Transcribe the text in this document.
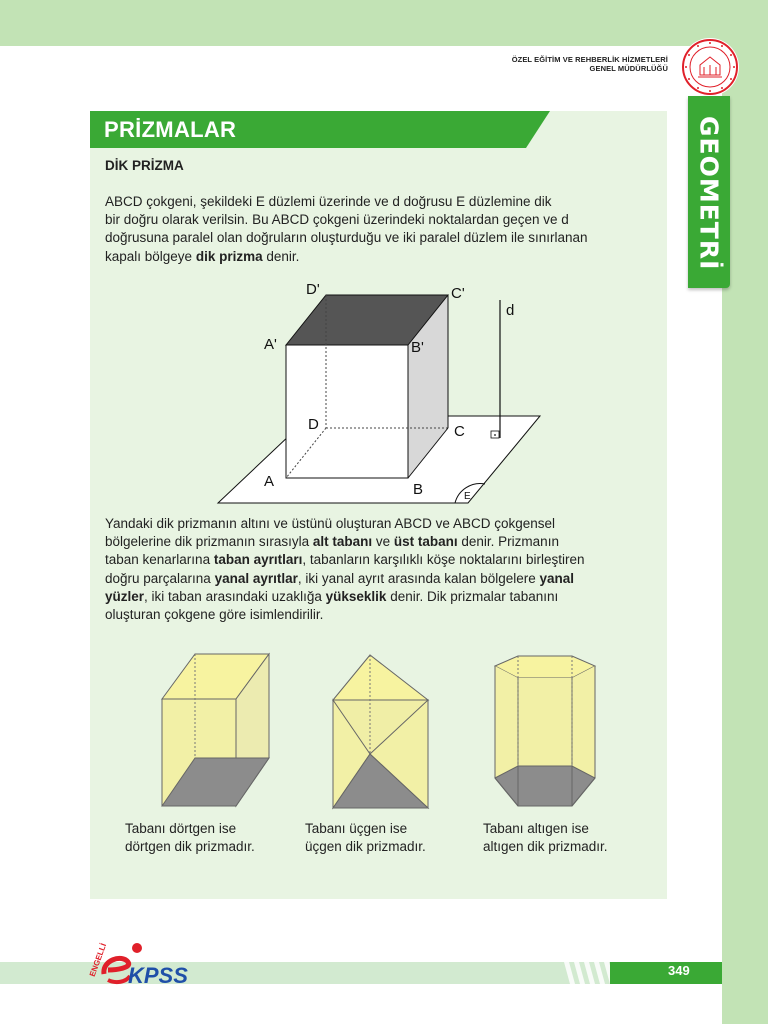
ÖZEL EĞİTİM VE REHBERLİK HİZMETLERİ
GENEL MÜDÜRLÜĞÜ
GEOMETRİ
PRİZMALAR
DİK PRİZMA
ABCD çokgeni, şekildeki E düzlemi üzerinde ve d doğrusu E düzlemine dik
bir doğru olarak verilsin. Bu ABCD çokgeni üzerindeki noktalardan geçen ve d
doğrusuna paralel olan doğruların oluşturduğu ve iki paralel düzlem ile sınırlanan
kapalı bölgeye dik prizma denir.
D'	C'
A'	B'
D	C
A	B
d
E
Yandaki dik prizmanın altını ve üstünü oluşturan ABCD ve ABCD çokgensel
bölgelerine dik prizmanın sırasıyla alt tabanı ve üst tabanı denir. Prizmanın
taban kenarlarına taban ayrıtları, tabanların karşılıklı köşe noktalarını birleştiren
doğru parçalarına yanal ayrıtlar, iki yanal ayrıt arasında kalan bölgelere yanal
yüzler, iki taban arasındaki uzaklığa yükseklik denir. Dik prizmalar tabanını
oluşturan çokgene göre isimlendirilir.
Tabanı dörtgen ise
dörtgen dik prizmadır.
Tabanı üçgen ise
üçgen dik prizmadır.
Tabanı altıgen ise
altıgen dik prizmadır.
349
ENGELLİ KPSS
